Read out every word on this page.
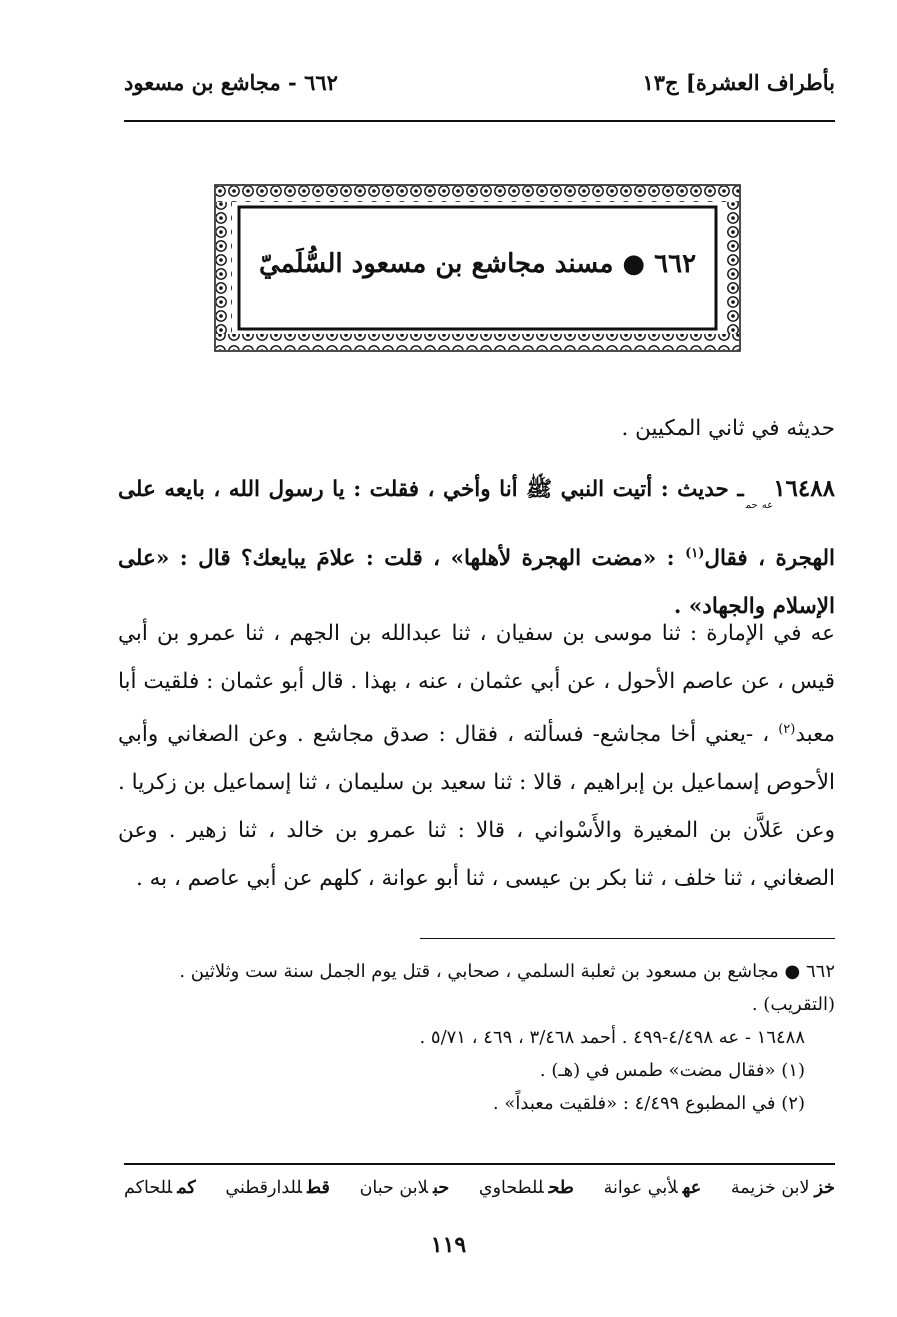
بأطراف العشرة] ج١٣
٦٦٢ - مجاشع بن مسعود
٦٦٢ ● مسند مجاشع بن مسعود السُّلَميّ
حديثه في ثاني المكيين .
$١٦٤٨٨_{عه حم}ـ$ حديث : أتيت النبي ﷺ أنا وأخي ، فقلت : يا رسول الله ، بايعه على الهجرة ، فقال$^{(١)}$ : «مضت الهجرة لأهلها» ، قلت : علامَ يبايعك؟ قال : «على الإسلام والجهاد» .
عه في الإمارة : ثنا موسى بن سفيان ، ثنا عبدالله بن الجهم ، ثنا عمرو بن أبي قيس ، عن عاصم الأحول ، عن أبي عثمان ، عنه ، بهذا . قال أبو عثمان : فلقيت أبا معبد$^{(٢)}$ ، -يعني أخا مجاشع- فسألته ، فقال : صدق مجاشع . وعن الصغاني وأبي الأحوص إسماعيل بن إبراهيم ، قالا : ثنا سعيد بن سليمان ، ثنا إسماعيل بن زكريا . وعن عَلاَّن بن المغيرة والأَسْواني ، قالا : ثنا عمرو بن خالد ، ثنا زهير . وعن الصغاني ، ثنا خلف ، ثنا بكر بن عيسى ، ثنا أبو عوانة ، كلهم عن أبي عاصم ، به .

٦٦٢ ● مجاشع بن مسعود بن ثعلبة السلمي ، صحابي ، قتل يوم الجمل سنة ست وثلاثين . (التقريب) .

١٦٤٨٨ - عه ٤/٤٩٨-٤٩٩ . أحمد ٣/٤٦٨ ، ٤٦٩ ، ٥/٧١ .

(١) «فقال مضت» طمس في (هـ) .

(٢) في المطبوع ٤/٤٩٩ : «فلقيت معبداً» .

خزلابن خزيمة
عهلأبي عوانة
طحللطحاوي
حبلابن حبان
قطللدارقطني
كمللحاكم
١١٩
